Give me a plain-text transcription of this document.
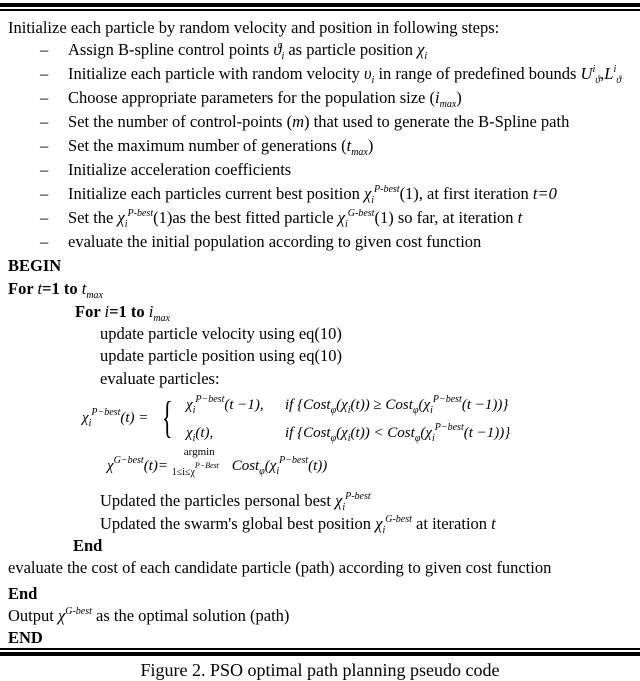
Initialize each particle by random velocity and position in following steps:
– Assign B-spline control points $ϑ_i$ as particle position $\chi_i$
– Initialize each particle with random velocity $\upsilon_i$ in range of predefined bounds $U^i_ϑ,L^i_ϑ$
– Choose appropriate parameters for the population size $(i_{max})$
– Set the number of control-points (m) that used to generate the B-Spline path
– Set the maximum number of generations $(t_{max})$
– Initialize acceleration coefficients
– Initialize each particles current best position $\chi_i^{P-best}(1)$, at first iteration t=0
– Set the $\chi_i^{P-best}(1)as$ the best fitted particle $\chi_i^{G-best}(1)$ so far, at iteration t
– evaluate the initial population according to given cost function
BEGIN
For t=1 to $t_{max}$
For i=1 to $i_{max}$
update particle velocity using eq(10)
update particle position using eq(10)
evaluate particles:
Updated the particles personal best $\chi_i^{P-best}$
Updated the swarm's global best position $\chi_i^{G-best}$ at iteration t
End
evaluate the cost of each candidate particle (path) according to given cost function
End
Output $\chi^{G-best}$ as the optimal solution (path)
END
$\chi_i^{P-best}(t)$ = { $\chi_i^{P-best}(t -1)$, if {$Cost_\varphi(\chi_i(t))$ ≥ $Cost_\varphi(\chi_i^{P-best}(t -1))$}
$\chi_i(t)$,	if {$Cost_\varphi(\chi_i(t))$ < $Cost_\varphi(\chi_i^{P-best}(t -1))$}
$\chi^{G-best}(t)=$
argmin
$1\le i\le\chi^{P-Best}$ $Cost_\varphi(\chi_i^{P-best}(t))$
Figure 2. PSO optimal path planning pseudo code
